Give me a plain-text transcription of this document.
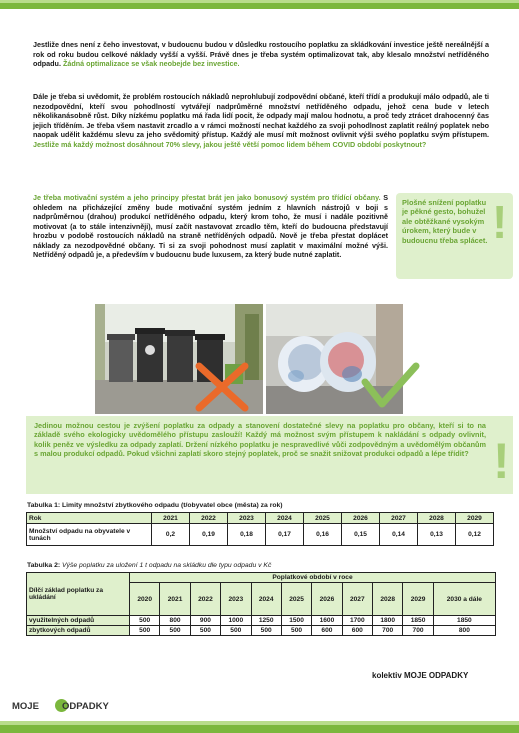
Jestliže dnes není z čeho investovat, v budoucnu budou v důsledku rostoucího poplatku za skládkování investice ještě nereálnější a rok od roku budou celkové náklady vyšší a vyšší. Právě dnes je třeba systém optimalizovat tak, aby klesalo množství netříděného odpadu. Žádná optimalizace se však neobejde bez investice.
Dále je třeba si uvědomit, že problém rostoucích nákladů neprohlubují zodpovědní občané, kteří třídí a produkují málo odpadů, ale ti nezodpovědní, kteří svou pohodlností vytvářejí nadprůměrné množství netříděného odpadu, jehož cena bude v letech několikanásobně růst. Díky nízkému poplatku má řada lidí pocit, že odpady mají malou hodnotu, a proč tedy ztrácet drahocenný čas jejich tříděním. Je třeba všem nastavit zrcadlo a v rámci možností nechat každého za svoji pohodlnost zaplatit reálný poplatek nebo naopak udělit každému slevu za jeho svědomitý přístup. Každý ale musí mít možnost ovlivnit výši svého poplatku svým přístupem. Jestliže má každý možnost dosáhnout 70% slevy, jakou ještě větší pomoc lidem během COVID období poskytnout?
Je třeba motivační systém a jeho principy přestat brát jen jako bonusový systém pro třídící občany. S ohledem na přicházející změny bude motivační systém jedním z hlavních nástrojů v boji s nadprůměrnou (drahou) produkcí netříděného odpadu, který krom toho, že musí i nadále pozitivně motivovat (a to stále intenzivněji), musí začít nastavovat zrcadlo těm, kteří do budoucna představují hrozbu v podobě rostoucích nákladů na straně netříděných odpadů. Nově je třeba přestat doplácet náklady za nezodpovědné občany. Ti si za svoji pohodnost musí zaplatit v maximální možné výši. Netříděný odpadů je, a především v budoucnu bude luxusem, za který bude nutné zaplatit.
Plošné snížení poplatku je pěkné gesto, bohužel ale obtěžkané vysokým úrokem, který bude v budoucnu třeba splácet. !
Jedinou možnou cestou je zvýšení poplatku za odpady a stanovení dostatečné slevy na poplatku pro občany, kteří si to na základě svého ekologicky uvědomělého přístupu zaslouží! Každý má možnost svým přístupem k nakládání s odpady ovlivnit, kolik peněz ve výsledku za odpady zaplatí. Držení nízkého poplatku je nespravedlivé vůči zodpovědným a uvědomělým občanům s malou produkcí odpadů. Pokud všichni zaplatí skoro stejný poplatek, proč se snažit snižovat produkci odpadů a lépe třídit? !
Tabulka 1: Limity množství zbytkového odpadu (t/obyvatel obce (města) za rok)
Rok	2021	2022	2023	2024	2025	2026	2027	2028	2029
Množství odpadu na obyvatele v tunách	0,2	0,19	0,18	0,17	0,16	0,15	0,14	0,13	0,12
Tabulka 2: Výše poplatku za uložení 1 t odpadu na skládku dle typu odpadu v Kč
Dílčí základ poplatku za ukládání	Poplatkové období v roce										
	2020	2021	2022	2023	2024	2025	2026	2027	2028	2029	2030 a dále
využitelných odpadů	500	800	900	1000	1250	1500	1600	1700	1800	1850	1850
zbytkových odpadů	500	500	500	500	500	500	600	600	700	700	800
kolektiv MOJE ODPADKY
MOJE ODPADKY
